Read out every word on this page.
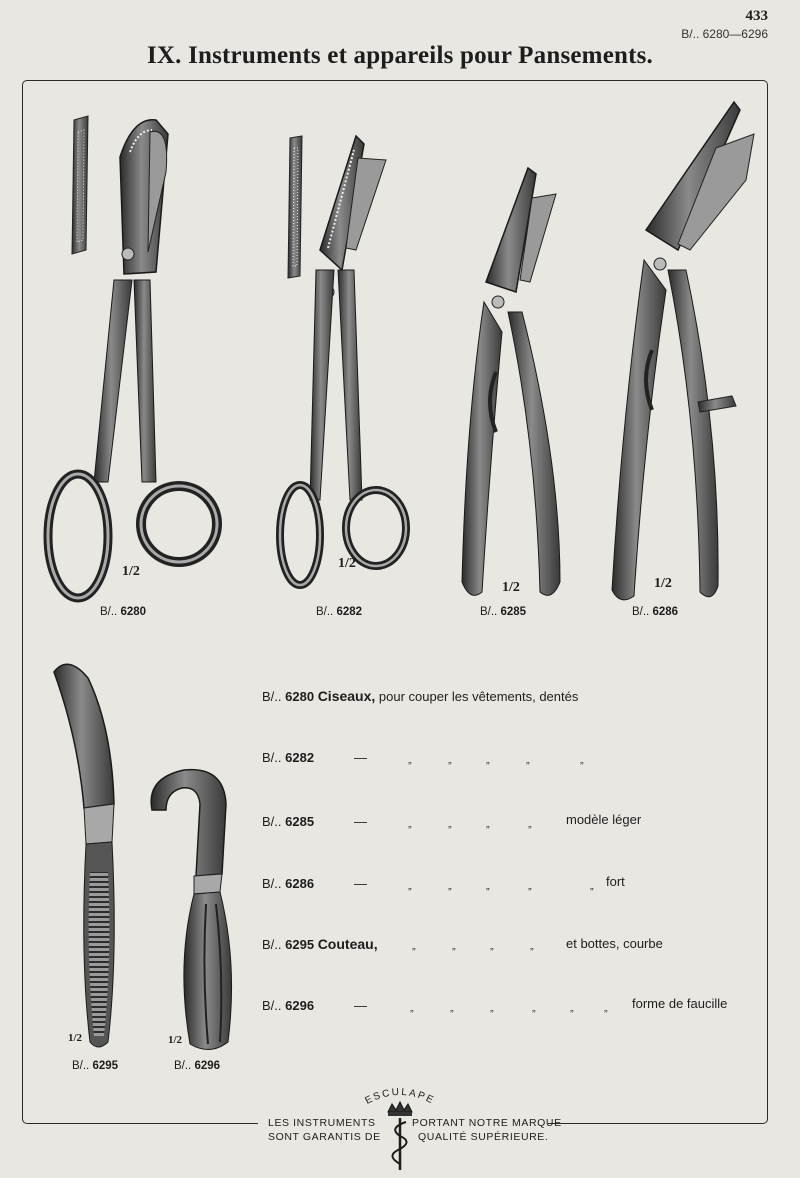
433
B/.. 6280—6296
IX. Instruments et appareils pour Pansements.
1/2
B/.. 6280
1/2
B/.. 6282
1/2
B/.. 6285
1/2
B/.. 6286
1/2
B/.. 6295
1/2
B/.. 6296
B/.. 6280 Ciseaux, pour couper les vêtements, dentés
B/.. 6282	—	„	„	„	„	„
B/.. 6285	—	„	„	„	„	modèle léger
B/.. 6286	—	„	„	„	„	„ fort
B/.. 6295 Couteau,	„	„	„	„ et bottes, courbe
B/.. 6296	—	„	„	„	„	„	„ forme de faucille
ESCULAPE
LES INSTRUMENTS
SONT GARANTIS DE
PORTANT NOTRE MARQUE
QUALITÉ SUPÉRIEURE.
